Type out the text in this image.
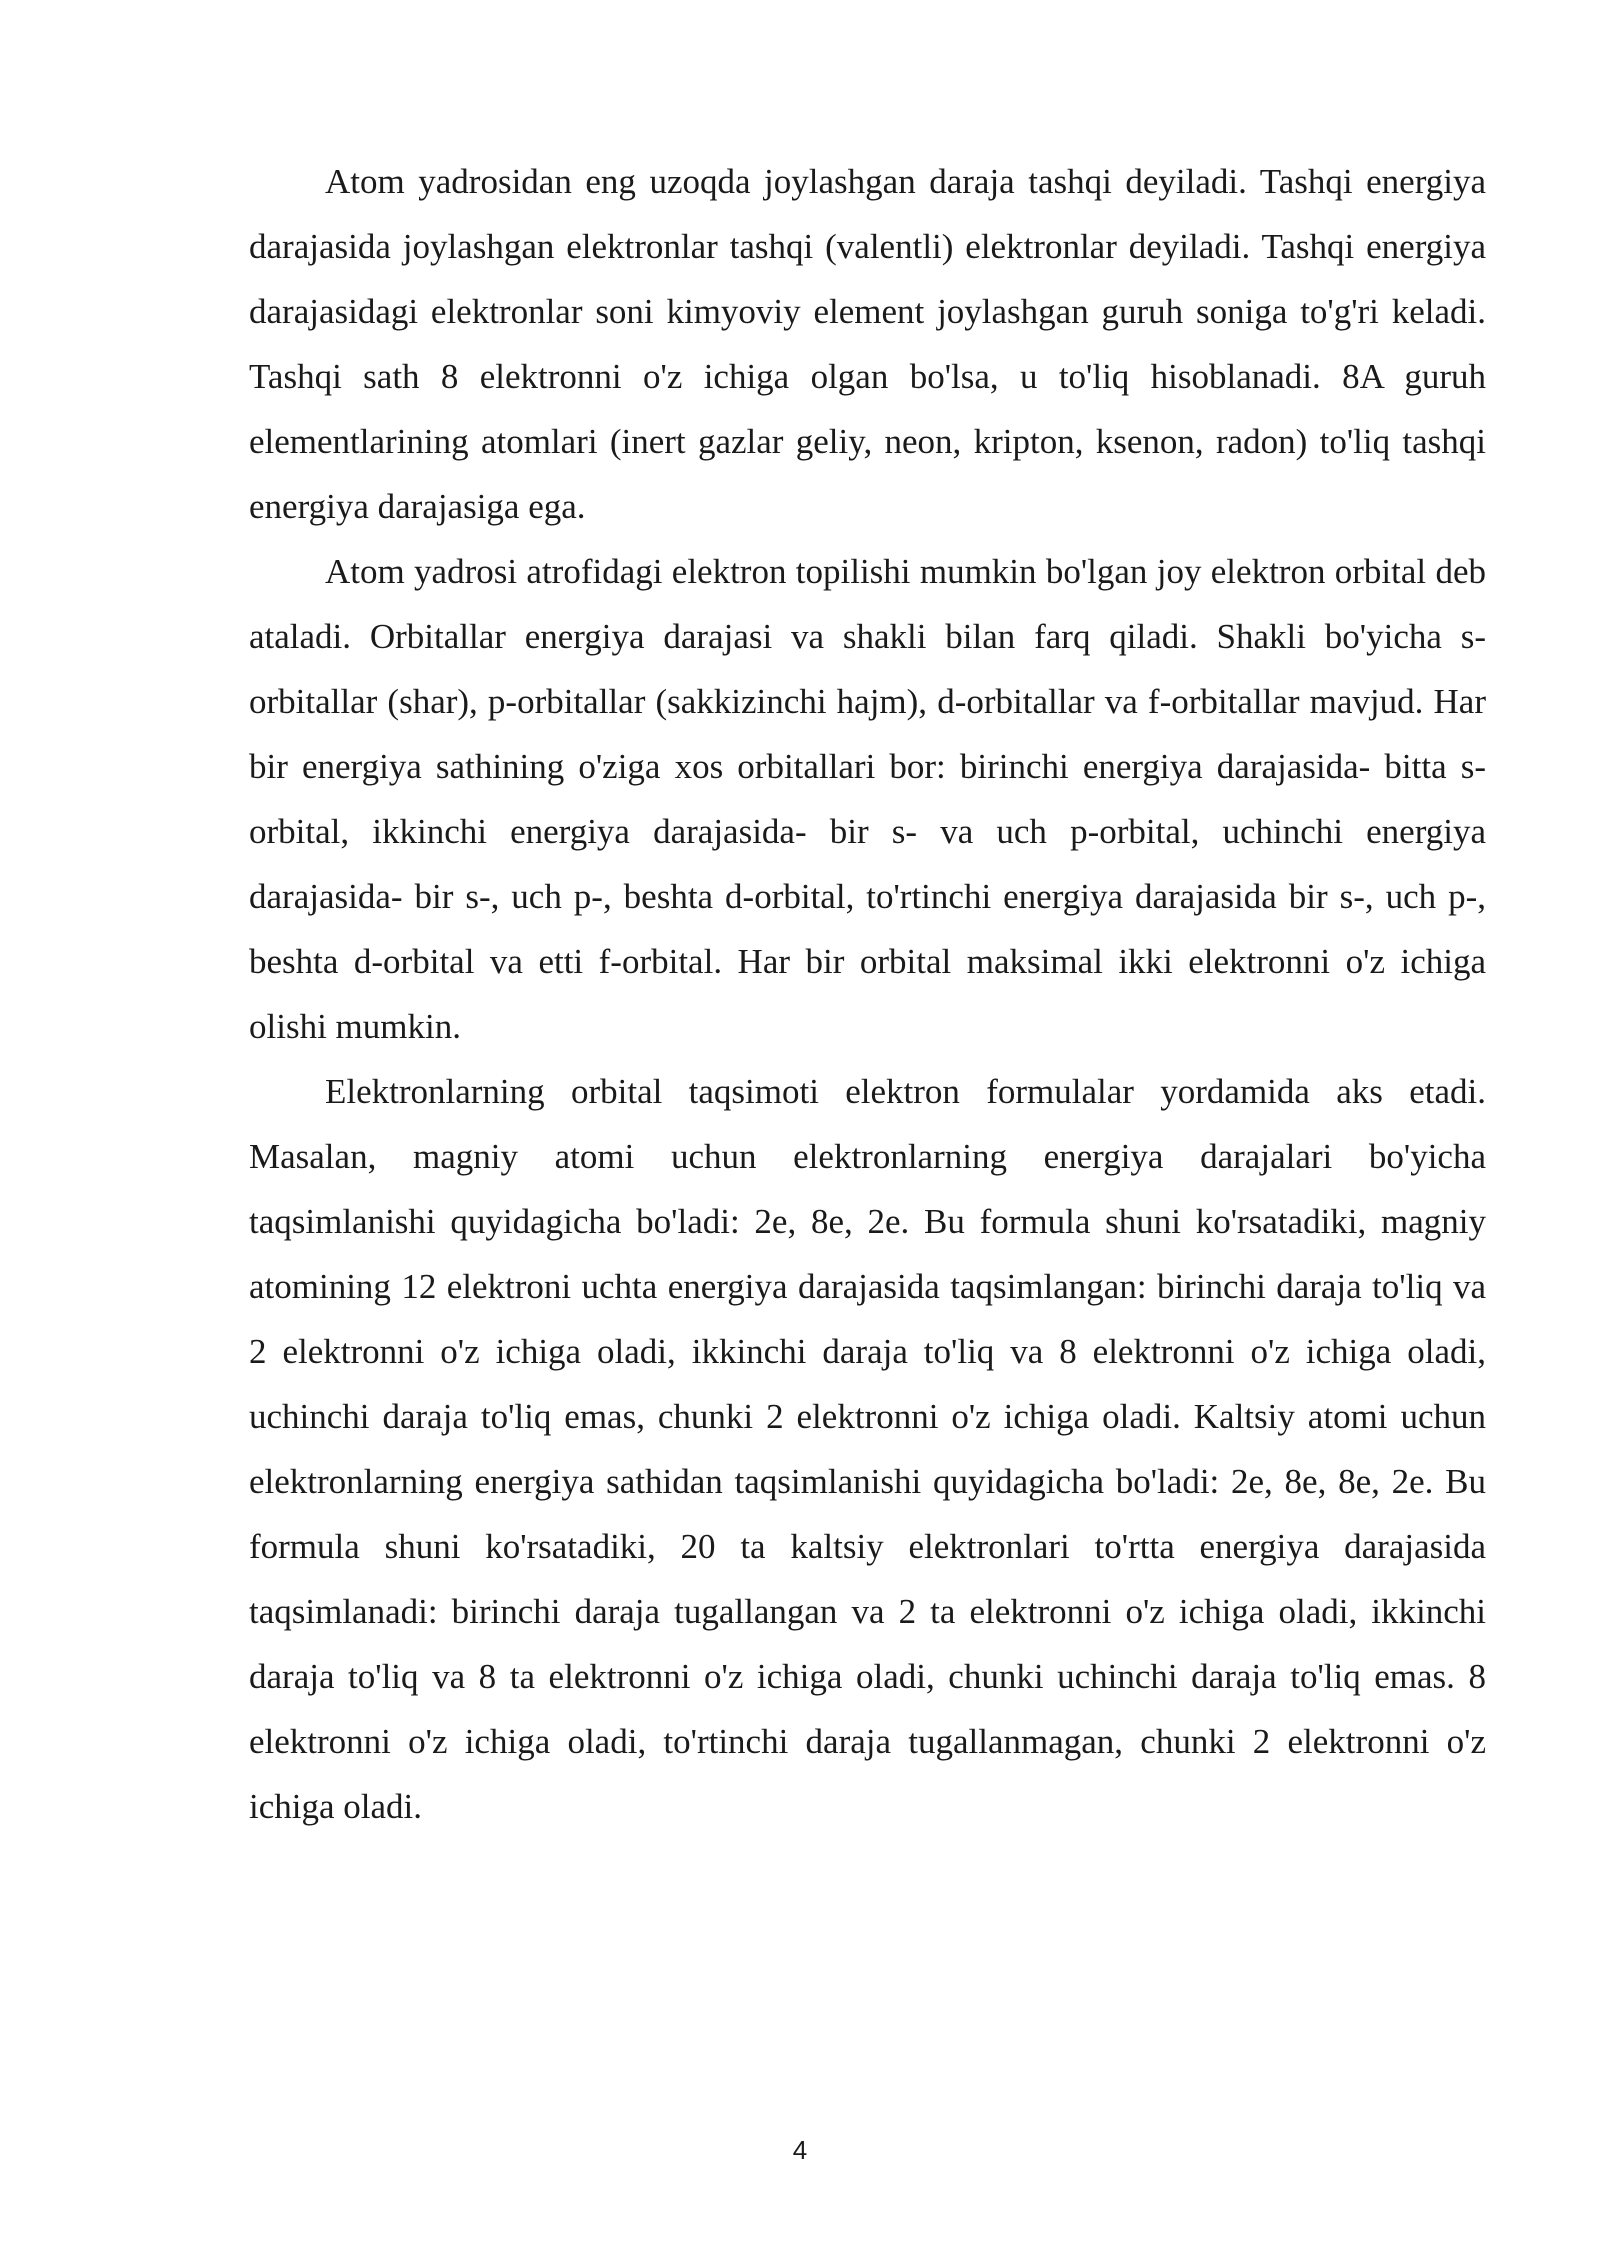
Atom yadrosidan eng uzoqda joylashgan daraja tashqi deyiladi. Tashqi energiya darajasida joylashgan elektronlar tashqi (valentli) elektronlar deyiladi. Tashqi energiya darajasidagi elektronlar soni kimyoviy element joylashgan guruh soniga to'g'ri keladi. Tashqi sath 8 elektronni o'z ichiga olgan bo'lsa, u to'liq hisoblanadi. 8A guruh elementlarining atomlari (inert gazlar geliy, neon, kripton, ksenon, radon) to'liq tashqi energiya darajasiga ega.

Atom yadrosi atrofidagi elektron topilishi mumkin bo'lgan joy elektron orbital deb ataladi. Orbitallar energiya darajasi va shakli bilan farq qiladi. Shakli bo'yicha s-orbitallar (shar), p-orbitallar (sakkizinchi hajm), d-orbitallar va f-orbitallar mavjud. Har bir energiya sathining o'ziga xos orbitallari bor: birinchi energiya darajasida- bitta s-orbital, ikkinchi energiya darajasida- bir s- va uch p-orbital, uchinchi energiya darajasida- bir s-, uch p-, beshta d-orbital, to'rtinchi energiya darajasida bir s-, uch p-, beshta d-orbital va etti f-orbital. Har bir orbital maksimal ikki elektronni o'z ichiga olishi mumkin.

Elektronlarning orbital taqsimoti elektron formulalar yordamida aks etadi. Masalan, magniy atomi uchun elektronlarning energiya darajalari bo'yicha taqsimlanishi quyidagicha bo'ladi: 2e, 8e, 2e. Bu formula shuni ko'rsatadiki, magniy atomining 12 elektroni uchta energiya darajasida taqsimlangan: birinchi daraja to'liq va 2 elektronni o'z ichiga oladi, ikkinchi daraja to'liq va 8 elektronni o'z ichiga oladi, uchinchi daraja to'liq emas, chunki 2 elektronni o'z ichiga oladi. Kaltsiy atomi uchun elektronlarning energiya sathidan taqsimlanishi quyidagicha bo'ladi: 2e, 8e, 8e, 2e. Bu formula shuni ko'rsatadiki, 20 ta kaltsiy elektronlari to'rtta energiya darajasida taqsimlanadi: birinchi daraja tugallangan va 2 ta elektronni o'z ichiga oladi, ikkinchi daraja to'liq va 8 ta elektronni o'z ichiga oladi, chunki uchinchi daraja to'liq emas. 8 elektronni o'z ichiga oladi, to'rtinchi daraja tugallanmagan, chunki 2 elektronni o'z ichiga oladi.

4
